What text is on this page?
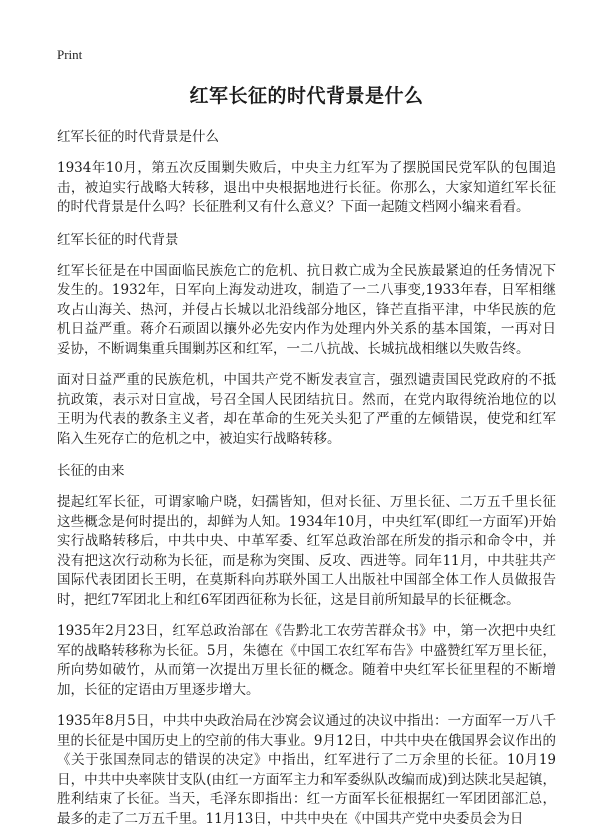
Print
红军长征的时代背景是什么
红军长征的时代背景是什么

1934年10月，第五次反围剿失败后，中央主力红军为了摆脱国民党军队的包围追击，被迫实行战略大转移，退出中央根据地进行长征。你那么，大家知道红军长征的时代背景是什么吗？长征胜利又有什么意义？下面一起随文档网小编来看看。

红军长征的时代背景

红军长征是在中国面临民族危亡的危机、抗日救亡成为全民族最紧迫的任务情况下发生的。1932年，日军向上海发动进攻，制造了一二八事变,1933年春，日军相继攻占山海关、热河，并侵占长城以北沿线部分地区，锋芒直指平津，中华民族的危机日益严重。蒋介石顽固以攘外必先安内作为处理内外关系的基本国策，一再对日妥协，不断调集重兵围剿苏区和红军，一二八抗战、长城抗战相继以失败告终。

面对日益严重的民族危机，中国共产党不断发表宣言，强烈谴责国民党政府的不抵抗政策，表示对日宣战，号召全国人民团结抗日。然而，在党内取得统治地位的以王明为代表的教条主义者，却在革命的生死关头犯了严重的左倾错误，使党和红军陷入生死存亡的危机之中，被迫实行战略转移。

长征的由来

提起红军长征，可谓家喻户晓，妇孺皆知，但对长征、万里长征、二万五千里长征这些概念是何时提出的，却鲜为人知。1934年10月，中央红军(即红一方面军)开始实行战略转移后，中共中央、中革军委、红军总政治部在所发的指示和命令中，并没有把这次行动称为长征，而是称为突围、反攻、西进等。同年11月，中共驻共产国际代表团团长王明，在莫斯科向苏联外国工人出版社中国部全体工作人员做报告时，把红7军团北上和红6军团西征称为长征，这是目前所知最早的长征概念。

1935年2月23日，红军总政治部在《告黔北工农劳苦群众书》中，第一次把中央红军的战略转移称为长征。5月，朱德在《中国工农红军布告》中盛赞红军万里长征，所向势如破竹，从而第一次提出万里长征的概念。随着中央红军长征里程的不断增加，长征的定语由万里逐步增大。

1935年8月5日，中共中央政治局在沙窝会议通过的决议中指出：一方面军一万八千里的长征是中国历史上的空前的伟大事业。9月12日，中共中央在俄国界会议作出的《关于张国焘同志的错误的决定》中指出，红军进行了二万余里的长征。10月19日，中共中央率陕甘支队(由红一方面军主力和军委纵队改编而成)到达陕北吴起镇，胜利结束了长征。当天，毛泽东即指出：红一方面军长征根据红一军团团部汇总，最多的走了二万五千里。11月13日，中共中央在《中国共产党中央委员会为日
